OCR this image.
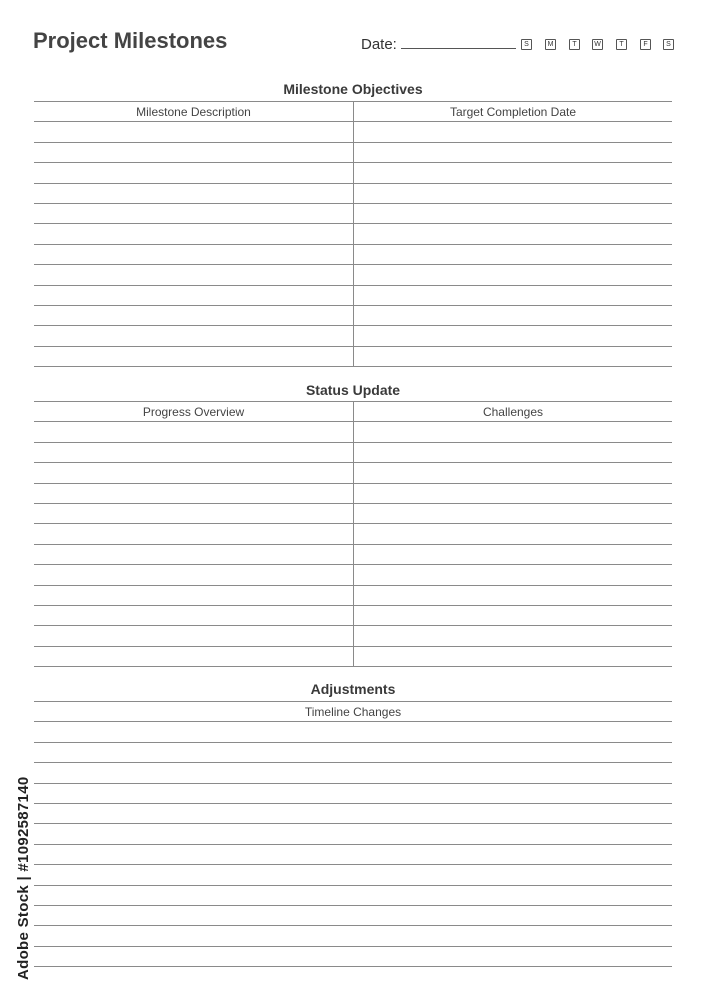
Project Milestones	Date:	S	M	T	W	T	F	S
Milestone Objectives
Milestone Description	Target Completion Date
Status Update
Progress Overview	Challenges
Adjustments
Timeline Changes
Adobe Stock | #1092587140
